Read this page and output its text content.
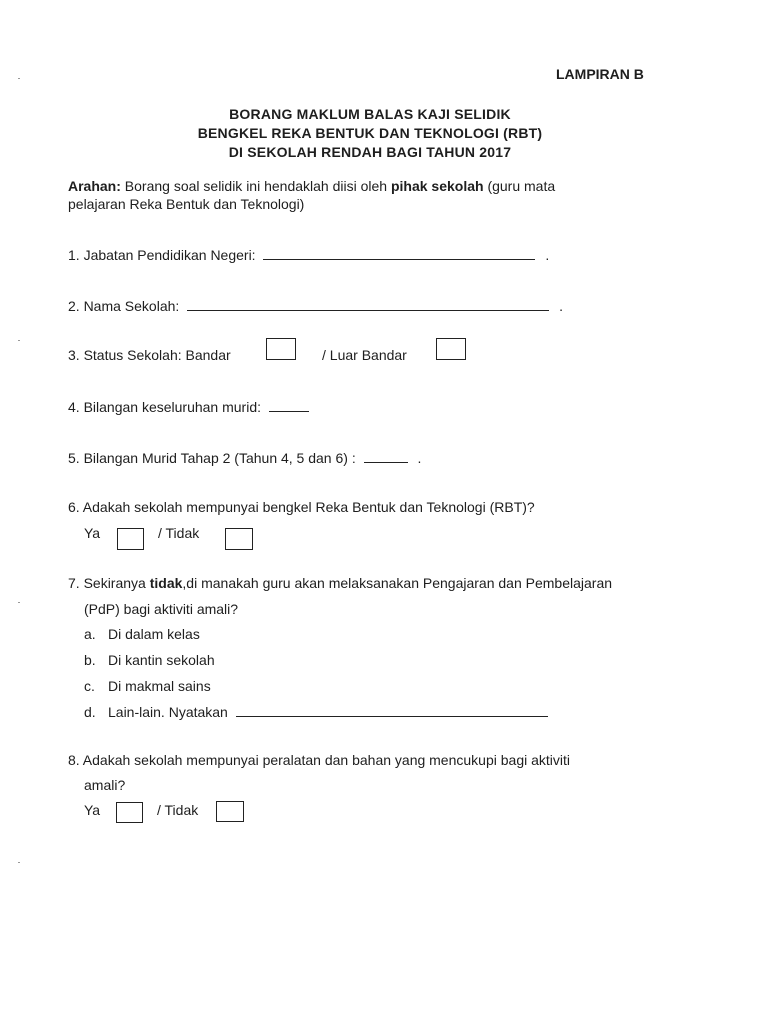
LAMPIRAN B
BORANG MAKLUM BALAS KAJI SELIDIK
BENGKEL REKA BENTUK DAN TEKNOLOGI (RBT)
DI SEKOLAH RENDAH BAGI TAHUN 2017
Arahan: Borang soal selidik ini hendaklah diisi oleh pihak sekolah (guru mata
pelajaran Reka Bentuk dan Teknologi)
1. Jabatan Pendidikan Negeri:	.
2. Nama Sekolah:	.
3. Status Sekolah: Bandar	/ Luar Bandar
4. Bilangan keseluruhan murid:
5. Bilangan Murid Tahap 2 (Tahun 4, 5 dan 6) :	.
6. Adakah sekolah mempunyai bengkel Reka Bentuk dan Teknologi (RBT)?
Ya	/ Tidak
7. Sekiranya tidak,di manakah guru akan melaksanakan Pengajaran dan Pembelajaran
(PdP) bagi aktiviti amali?
a. Di dalam kelas
b. Di kantin sekolah
c. Di makmal sains
d. Lain-lain. Nyatakan
8. Adakah sekolah mempunyai peralatan dan bahan yang mencukupi bagi aktiviti
amali?
Ya	/ Tidak
